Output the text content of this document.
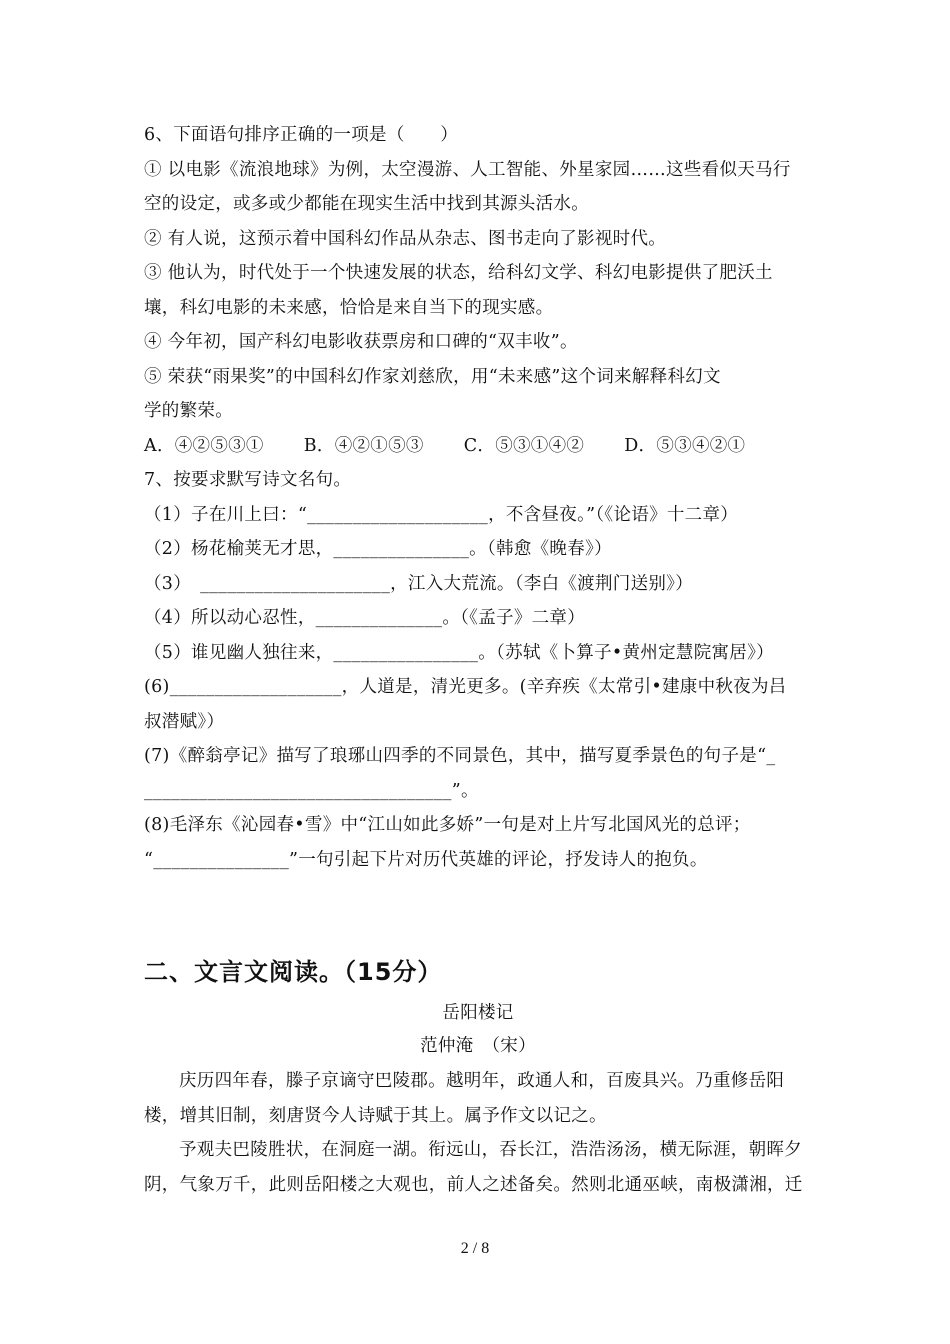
6、下面语句排序正确的一项是（　　）
① 以电影《流浪地球》为例，太空漫游、人工智能、外星家园……这些看似天马行
空的设定，或多或少都能在现实生活中找到其源头活水。
② 有人说，这预示着中国科幻作品从杂志、图书走向了影视时代。
③ 他认为，时代处于一个快速发展的状态，给科幻文学、科幻电影提供了肥沃土
壤，科幻电影的未来感，恰恰是来自当下的现实感。
④ 今年初，国产科幻电影收获票房和口碑的“双丰收”。
⑤ 荣获“雨果奖”的中国科幻作家刘慈欣，用“未来感”这个词来解释科幻文
学的繁荣。
A．④②⑤③① B．④②①⑤③ C．⑤③①④② D．⑤③④②①
7、按要求默写诗文名句。
（1）子在川上曰：“____________________，不含昼夜。”（《论语》十二章）
（2）杨花榆荚无才思，_______________。（韩愈《晚春》）
（3）　_____________________，江入大荒流。（李白《渡荆门送别》）
（4）所以动心忍性，______________。（《孟子》二章）
（5）谁见幽人独往来，________________。（苏轼《卜算子•黄州定慧院寓居》）
(6)___________________，人道是，清光更多。(辛弃疾《太常引•建康中秋夜为吕
叔潜赋》）
(7)《醉翁亭记》描写了琅琊山四季的不同景色，其中，描写夏季景色的句子是“_
__________________________________”。
(8)毛泽东《沁园春•雪》中“江山如此多娇”一句是对上片写北国风光的总评；
“_______________”一句引起下片对历代英雄的评论，抒发诗人的抱负。
二、文言文阅读。（15分）
岳阳楼记
范仲淹　（宋）
庆历四年春，滕子京谪守巴陵郡。越明年，政通人和，百废具兴。乃重修岳阳
楼，增其旧制，刻唐贤今人诗赋于其上。属予作文以记之。
予观夫巴陵胜状，在洞庭一湖。衔远山，吞长江，浩浩汤汤，横无际涯，朝晖夕
阴，气象万千，此则岳阳楼之大观也，前人之述备矣。然则北通巫峡，南极潇湘，迁
2 / 8
